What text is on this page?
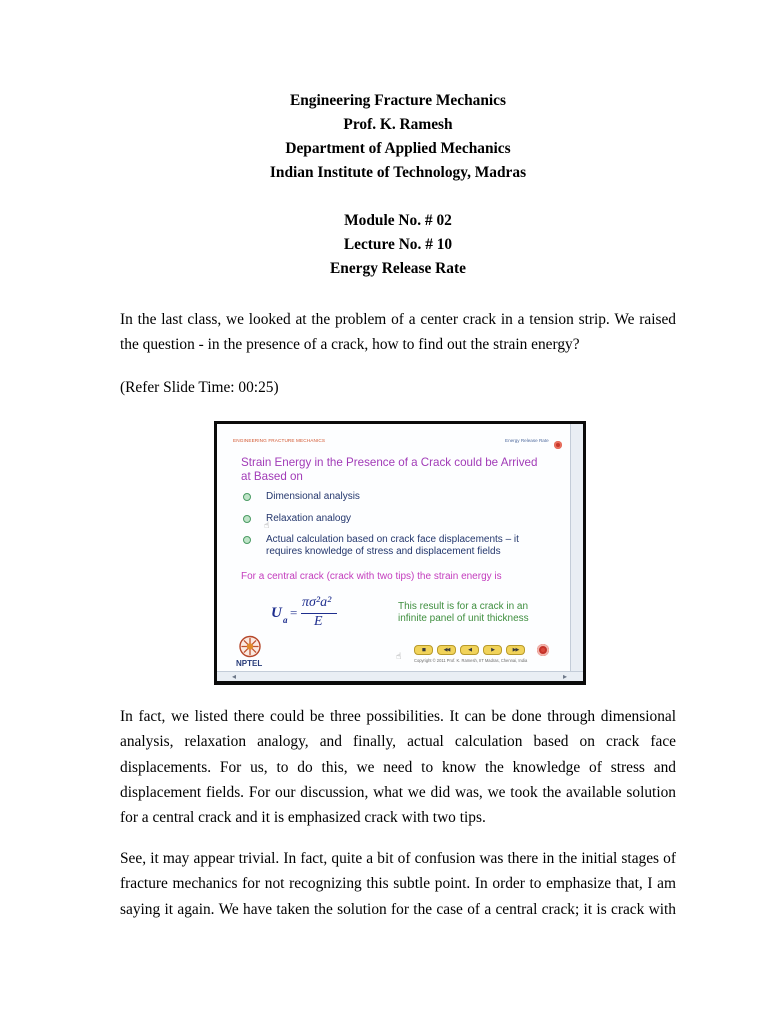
Engineering Fracture Mechanics
Prof. K. Ramesh
Department of Applied Mechanics
Indian Institute of Technology, Madras
Module No. # 02
Lecture No. # 10
Energy Release Rate
In the last class, we looked at the problem of a center crack in a tension strip. We raised
the question - in the presence of a crack, how to find out the strain energy?
(Refer Slide Time: 00:25)
◂	▸
ENGINEERING FRACTURE MECHANICS	Energy Release Rate
Strain Energy in the Presence of a Crack could be Arrived
at Based on
Dimensional analysis
Relaxation analogy
☝
Actual calculation based on crack face displacements – it
requires knowledge of stress and displacement fields
For a central crack (crack with two tips) the strain energy is
U a =
πσ²a²
E
This result is for a crack in an
infinite panel of unit thickness
NPTEL
☝
◼	◀◀	◀	▶	▶▶
Copyright © 2011 Prof. K. Ramesh, IIT Madras, Chennai, India
In fact, we listed there could be three possibilities. It can be done through dimensional
analysis, relaxation analogy, and finally, actual calculation based on crack face
displacements. For us, to do this, we need to know the knowledge of stress and
displacement fields. For our discussion, what we did was, we took the available solution
for a central crack and it is emphasized crack with two tips.
See, it may appear trivial. In fact, quite a bit of confusion was there in the initial stages of
fracture mechanics for not recognizing this subtle point. In order to emphasize that, I am
saying it again. We have taken the solution for the case of a central crack; it is crack with
